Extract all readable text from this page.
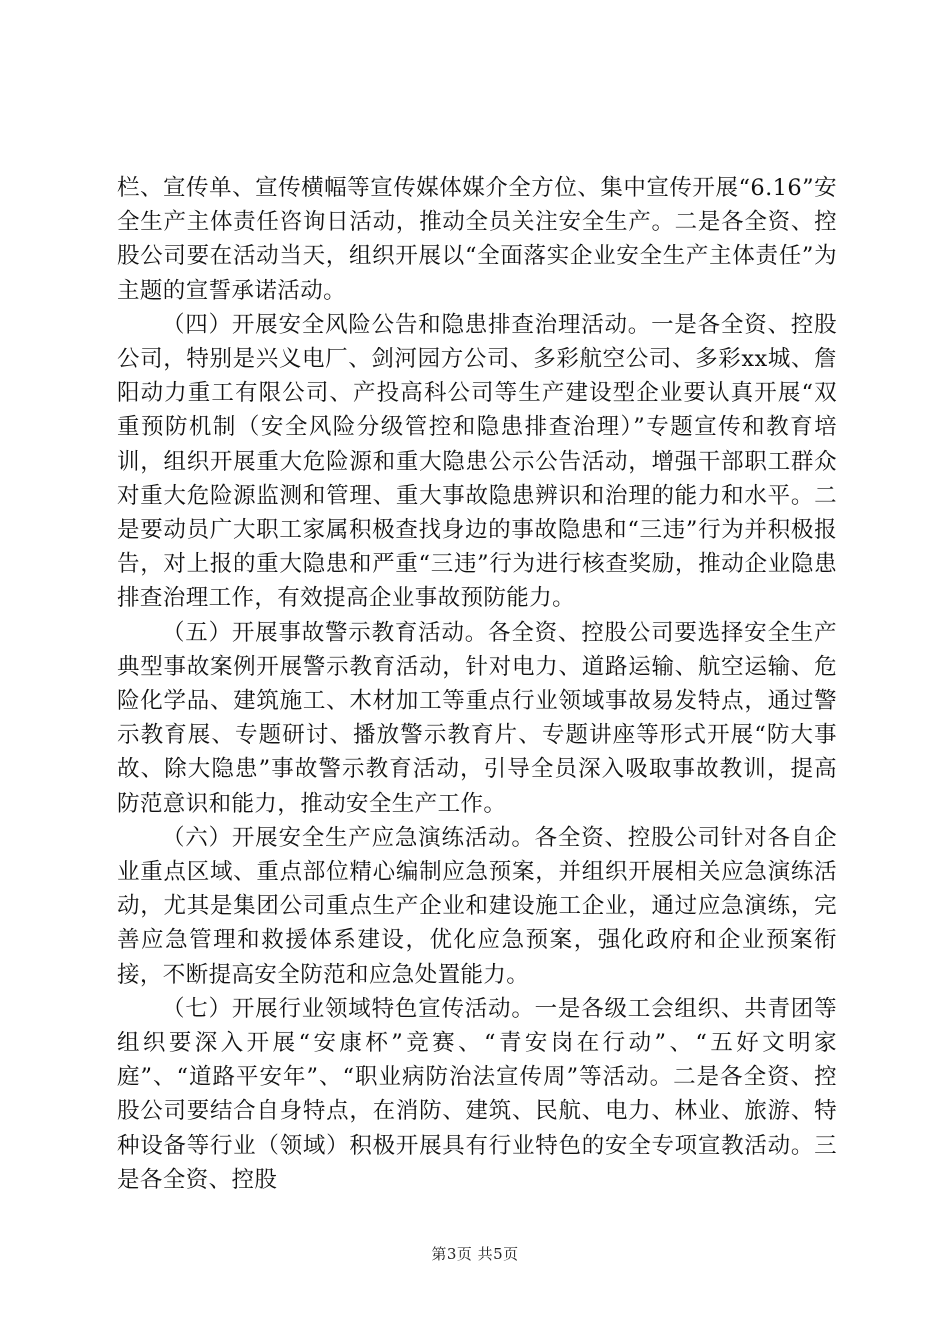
栏、宣传单、宣传横幅等宣传媒体媒介全方位、集中宣传开展“6.16”安全生产主体责任咨询日活动，推动全员关注安全生产。二是各全资、控股公司要在活动当天，组织开展以“全面落实企业安全生产主体责任”为主题的宣誓承诺活动。

（四）开展安全风险公告和隐患排查治理活动。一是各全资、控股公司，特别是兴义电厂、剑河园方公司、多彩航空公司、多彩xx城、詹阳动力重工有限公司、产投高科公司等生产建设型企业要认真开展“双重预防机制（安全风险分级管控和隐患排查治理）”专题宣传和教育培训，组织开展重大危险源和重大隐患公示公告活动，增强干部职工群众对重大危险源监测和管理、重大事故隐患辨识和治理的能力和水平。二是要动员广大职工家属积极查找身边的事故隐患和“三违”行为并积极报告，对上报的重大隐患和严重“三违”行为进行核查奖励，推动企业隐患排查治理工作，有效提高企业事故预防能力。

（五）开展事故警示教育活动。各全资、控股公司要选择安全生产典型事故案例开展警示教育活动，针对电力、道路运输、航空运输、危险化学品、建筑施工、木材加工等重点行业领域事故易发特点，通过警示教育展、专题研讨、播放警示教育片、专题讲座等形式开展“防大事故、除大隐患”事故警示教育活动，引导全员深入吸取事故教训，提高防范意识和能力，推动安全生产工作。

（六）开展安全生产应急演练活动。各全资、控股公司针对各自企业重点区域、重点部位精心编制应急预案，并组织开展相关应急演练活动，尤其是集团公司重点生产企业和建设施工企业，通过应急演练，完善应急管理和救援体系建设，优化应急预案，强化政府和企业预案衔接，不断提高安全防范和应急处置能力。

（七）开展行业领域特色宣传活动。一是各级工会组织、共青团等组织要深入开展“安康杯”竞赛、“青安岗在行动”、“五好文明家庭”、“道路平安年”、“职业病防治法宣传周”等活动。二是各全资、控股公司要结合自身特点，在消防、建筑、民航、电力、林业、旅游、特种设备等行业（领域）积极开展具有行业特色的安全专项宣教活动。三是各全资、控股

第3页 共5页
